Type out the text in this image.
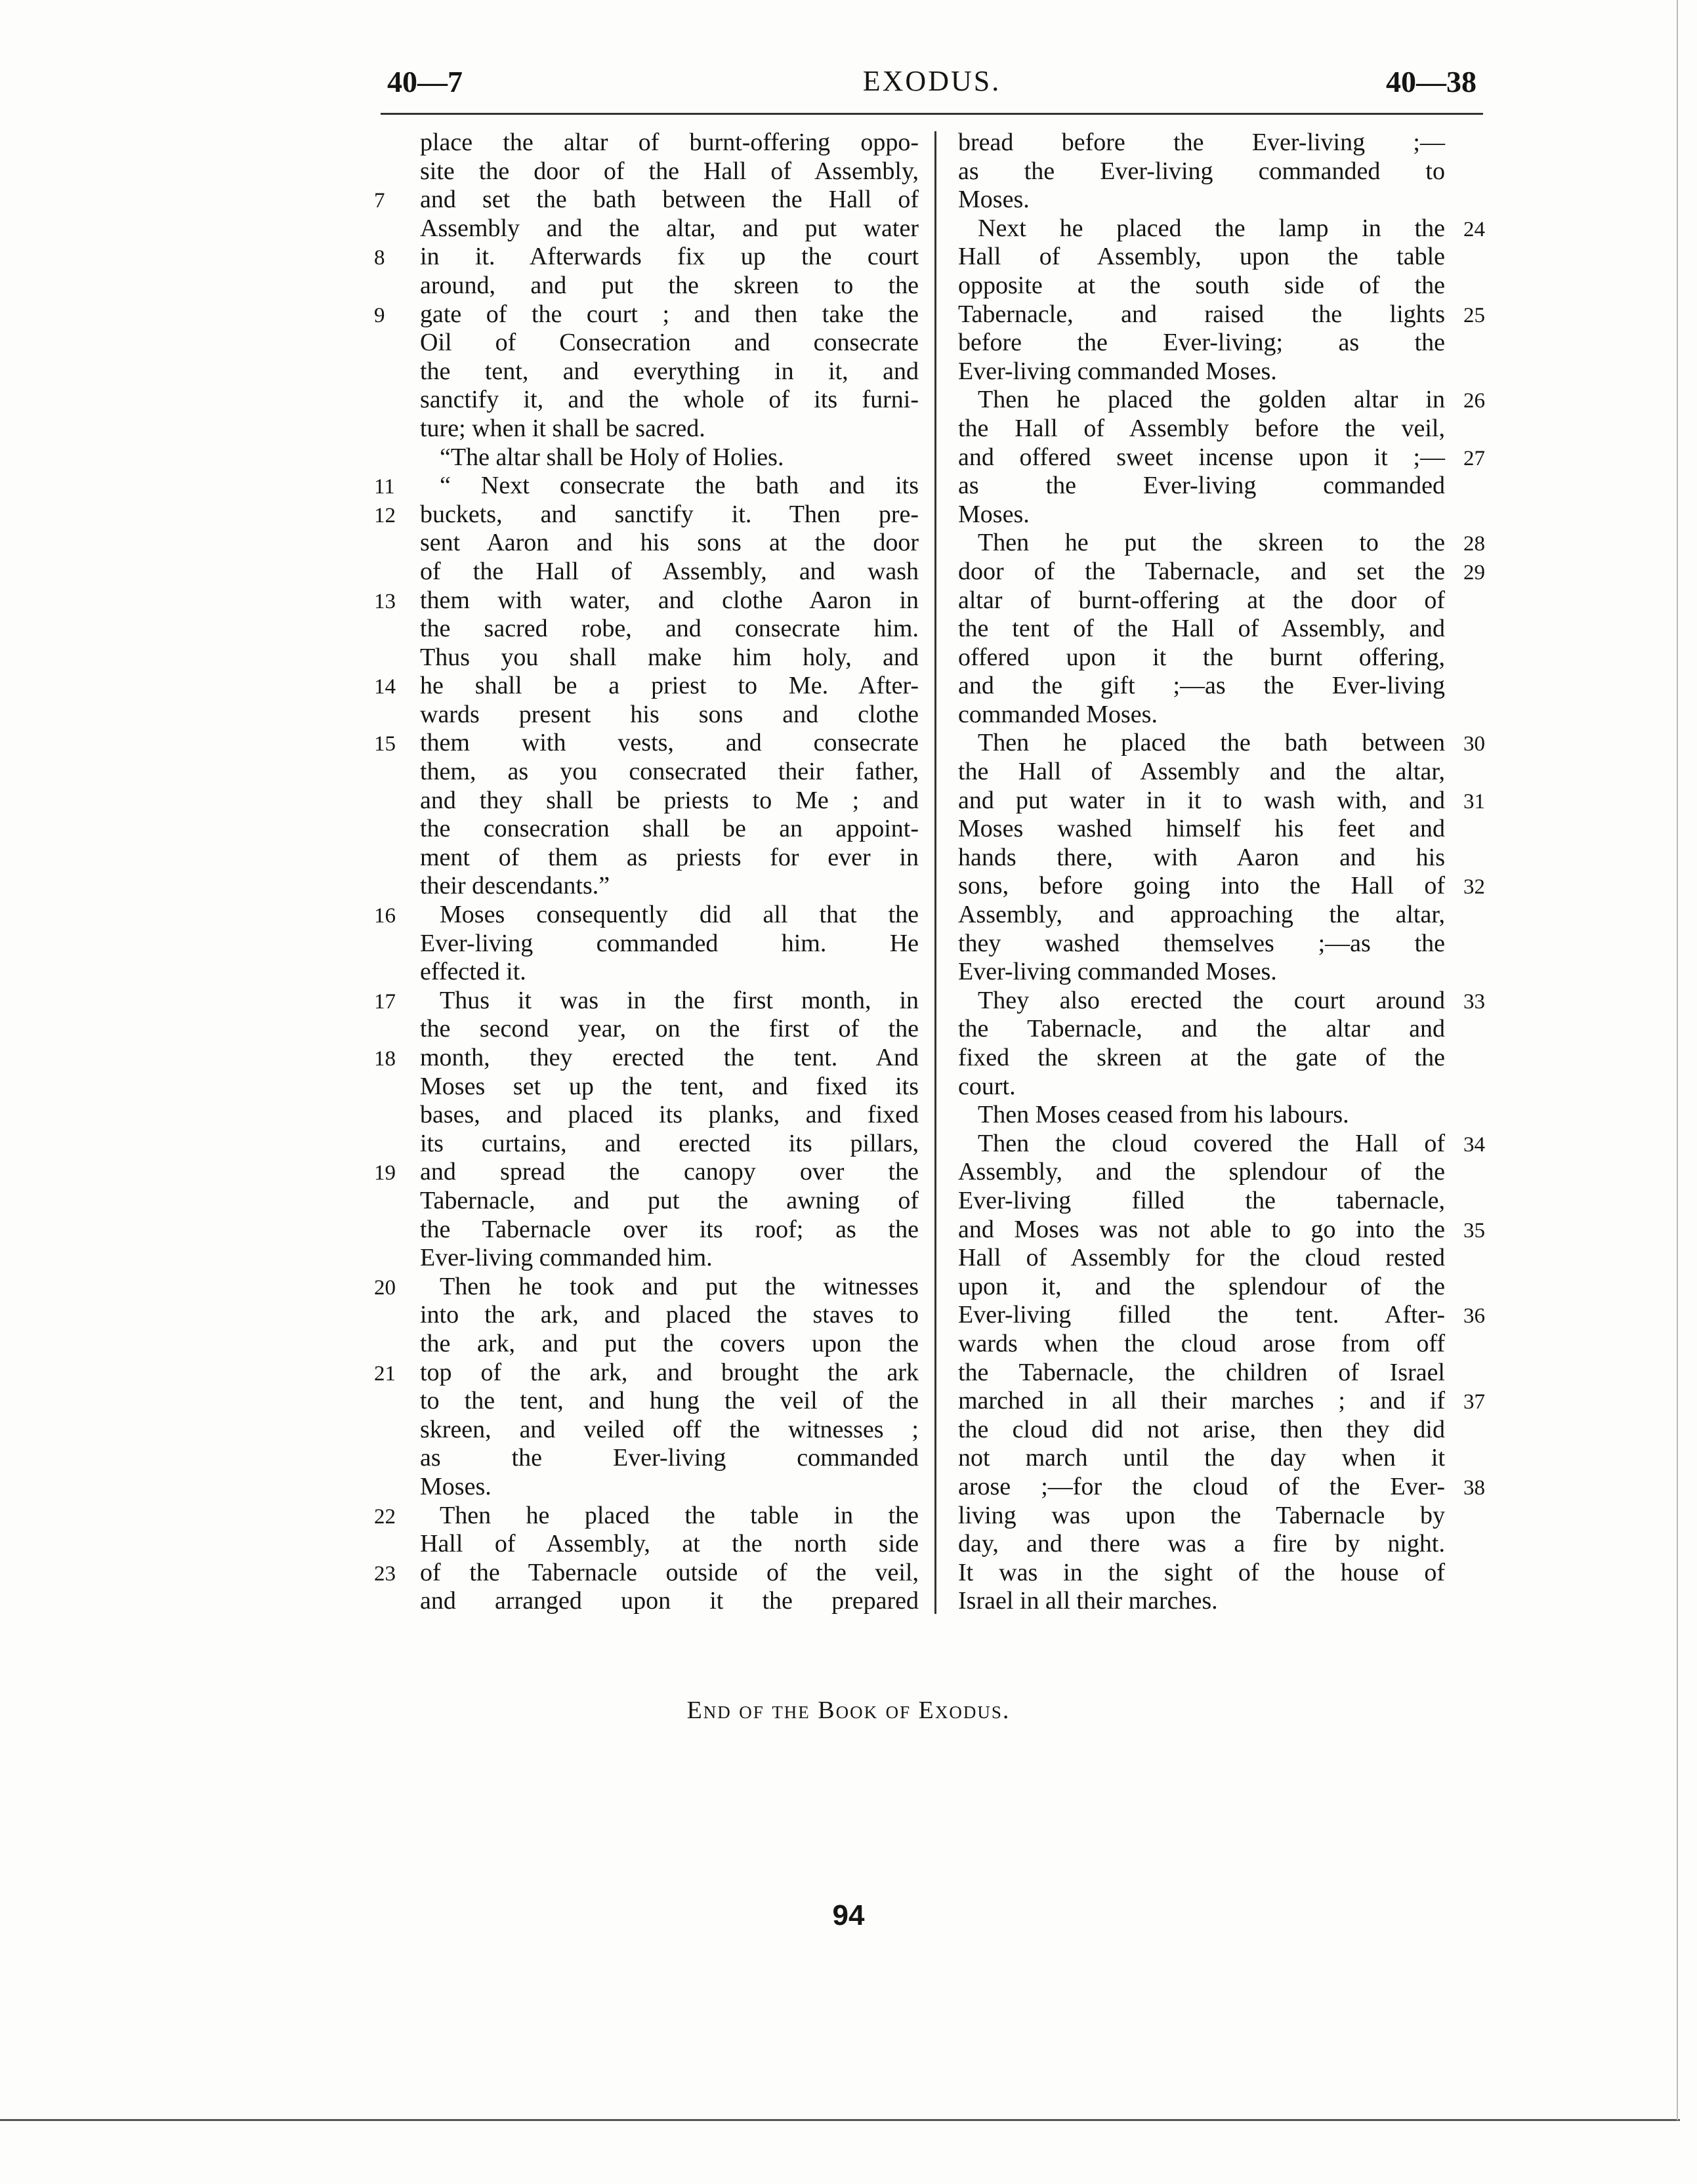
40—7	EXODUS.	40—38
place the altar of burnt-offering oppo-
site the door of the Hall of Assembly,
7 and set the bath between the Hall of
Assembly and the altar, and put water
8 in it. Afterwards fix up the court
around, and put the skreen to the
9 gate of the court ; and then take the
Oil of Consecration and consecrate
the tent, and everything in it, and
sanctify it, and the whole of its furni-
ture; when it shall be sacred.
“The altar shall be Holy of Holies.
11 “ Next consecrate the bath and its
12 buckets, and sanctify it. Then pre-
sent Aaron and his sons at the door
of the Hall of Assembly, and wash
13 them with water, and clothe Aaron in
the sacred robe, and consecrate him.
Thus you shall make him holy, and
14 he shall be a priest to Me. After-
wards present his sons and clothe
15 them with vests, and consecrate
them, as you consecrated their father,
and they shall be priests to Me ; and
the consecration shall be an appoint-
ment of them as priests for ever in
their descendants.”
16 Moses consequently did all that the
Ever-living commanded him. He
effected it.
17 Thus it was in the first month, in
the second year, on the first of the
18 month, they erected the tent. And
Moses set up the tent, and fixed its
bases, and placed its planks, and fixed
its curtains, and erected its pillars,
19 and spread the canopy over the
Tabernacle, and put the awning of
the Tabernacle over its roof; as the
Ever-living commanded him.
20 Then he took and put the witnesses
into the ark, and placed the staves to
the ark, and put the covers upon the
21 top of the ark, and brought the ark
to the tent, and hung the veil of the
skreen, and veiled off the witnesses ;
as the Ever-living commanded
Moses.
22 Then he placed the table in the
Hall of Assembly, at the north side
23 of the Tabernacle outside of the veil,
and arranged upon it the prepared
bread before the Ever-living ;—
as the Ever-living commanded to
Moses.
24
Next he placed the lamp in the
Hall of Assembly, upon the table
opposite at the south side of the
25
Tabernacle, and raised the lights
before the Ever-living; as the
Ever-living commanded Moses.
26
Then he placed the golden altar in
the Hall of Assembly before the veil,
27
and offered sweet incense upon it ;—
as the Ever-living commanded
Moses.
28
Then he put the skreen to the
29
door of the Tabernacle, and set the
altar of burnt-offering at the door of
the tent of the Hall of Assembly, and
offered upon it the burnt offering,
and the gift ;—as the Ever-living
commanded Moses.
30
Then he placed the bath between
the Hall of Assembly and the altar,
31
and put water in it to wash with, and
Moses washed himself his feet and
hands there, with Aaron and his
32
sons, before going into the Hall of
Assembly, and approaching the altar,
they washed themselves ;—as the
Ever-living commanded Moses.
33
They also erected the court around
the Tabernacle, and the altar and
fixed the skreen at the gate of the
court.
Then Moses ceased from his labours.
34
Then the cloud covered the Hall of
Assembly, and the splendour of the
Ever-living filled the tabernacle,
35
and Moses was not able to go into the
Hall of Assembly for the cloud rested
upon it, and the splendour of the
36
Ever-living filled the tent. After-
wards when the cloud arose from off
the Tabernacle, the children of Israel
37
marched in all their marches ; and if
the cloud did not arise, then they did
not march until the day when it
38
arose ;—for the cloud of the Ever-
living was upon the Tabernacle by
day, and there was a fire by night.
It was in the sight of the house of
Israel in all their marches.
End of the Book of Exodus.
94
